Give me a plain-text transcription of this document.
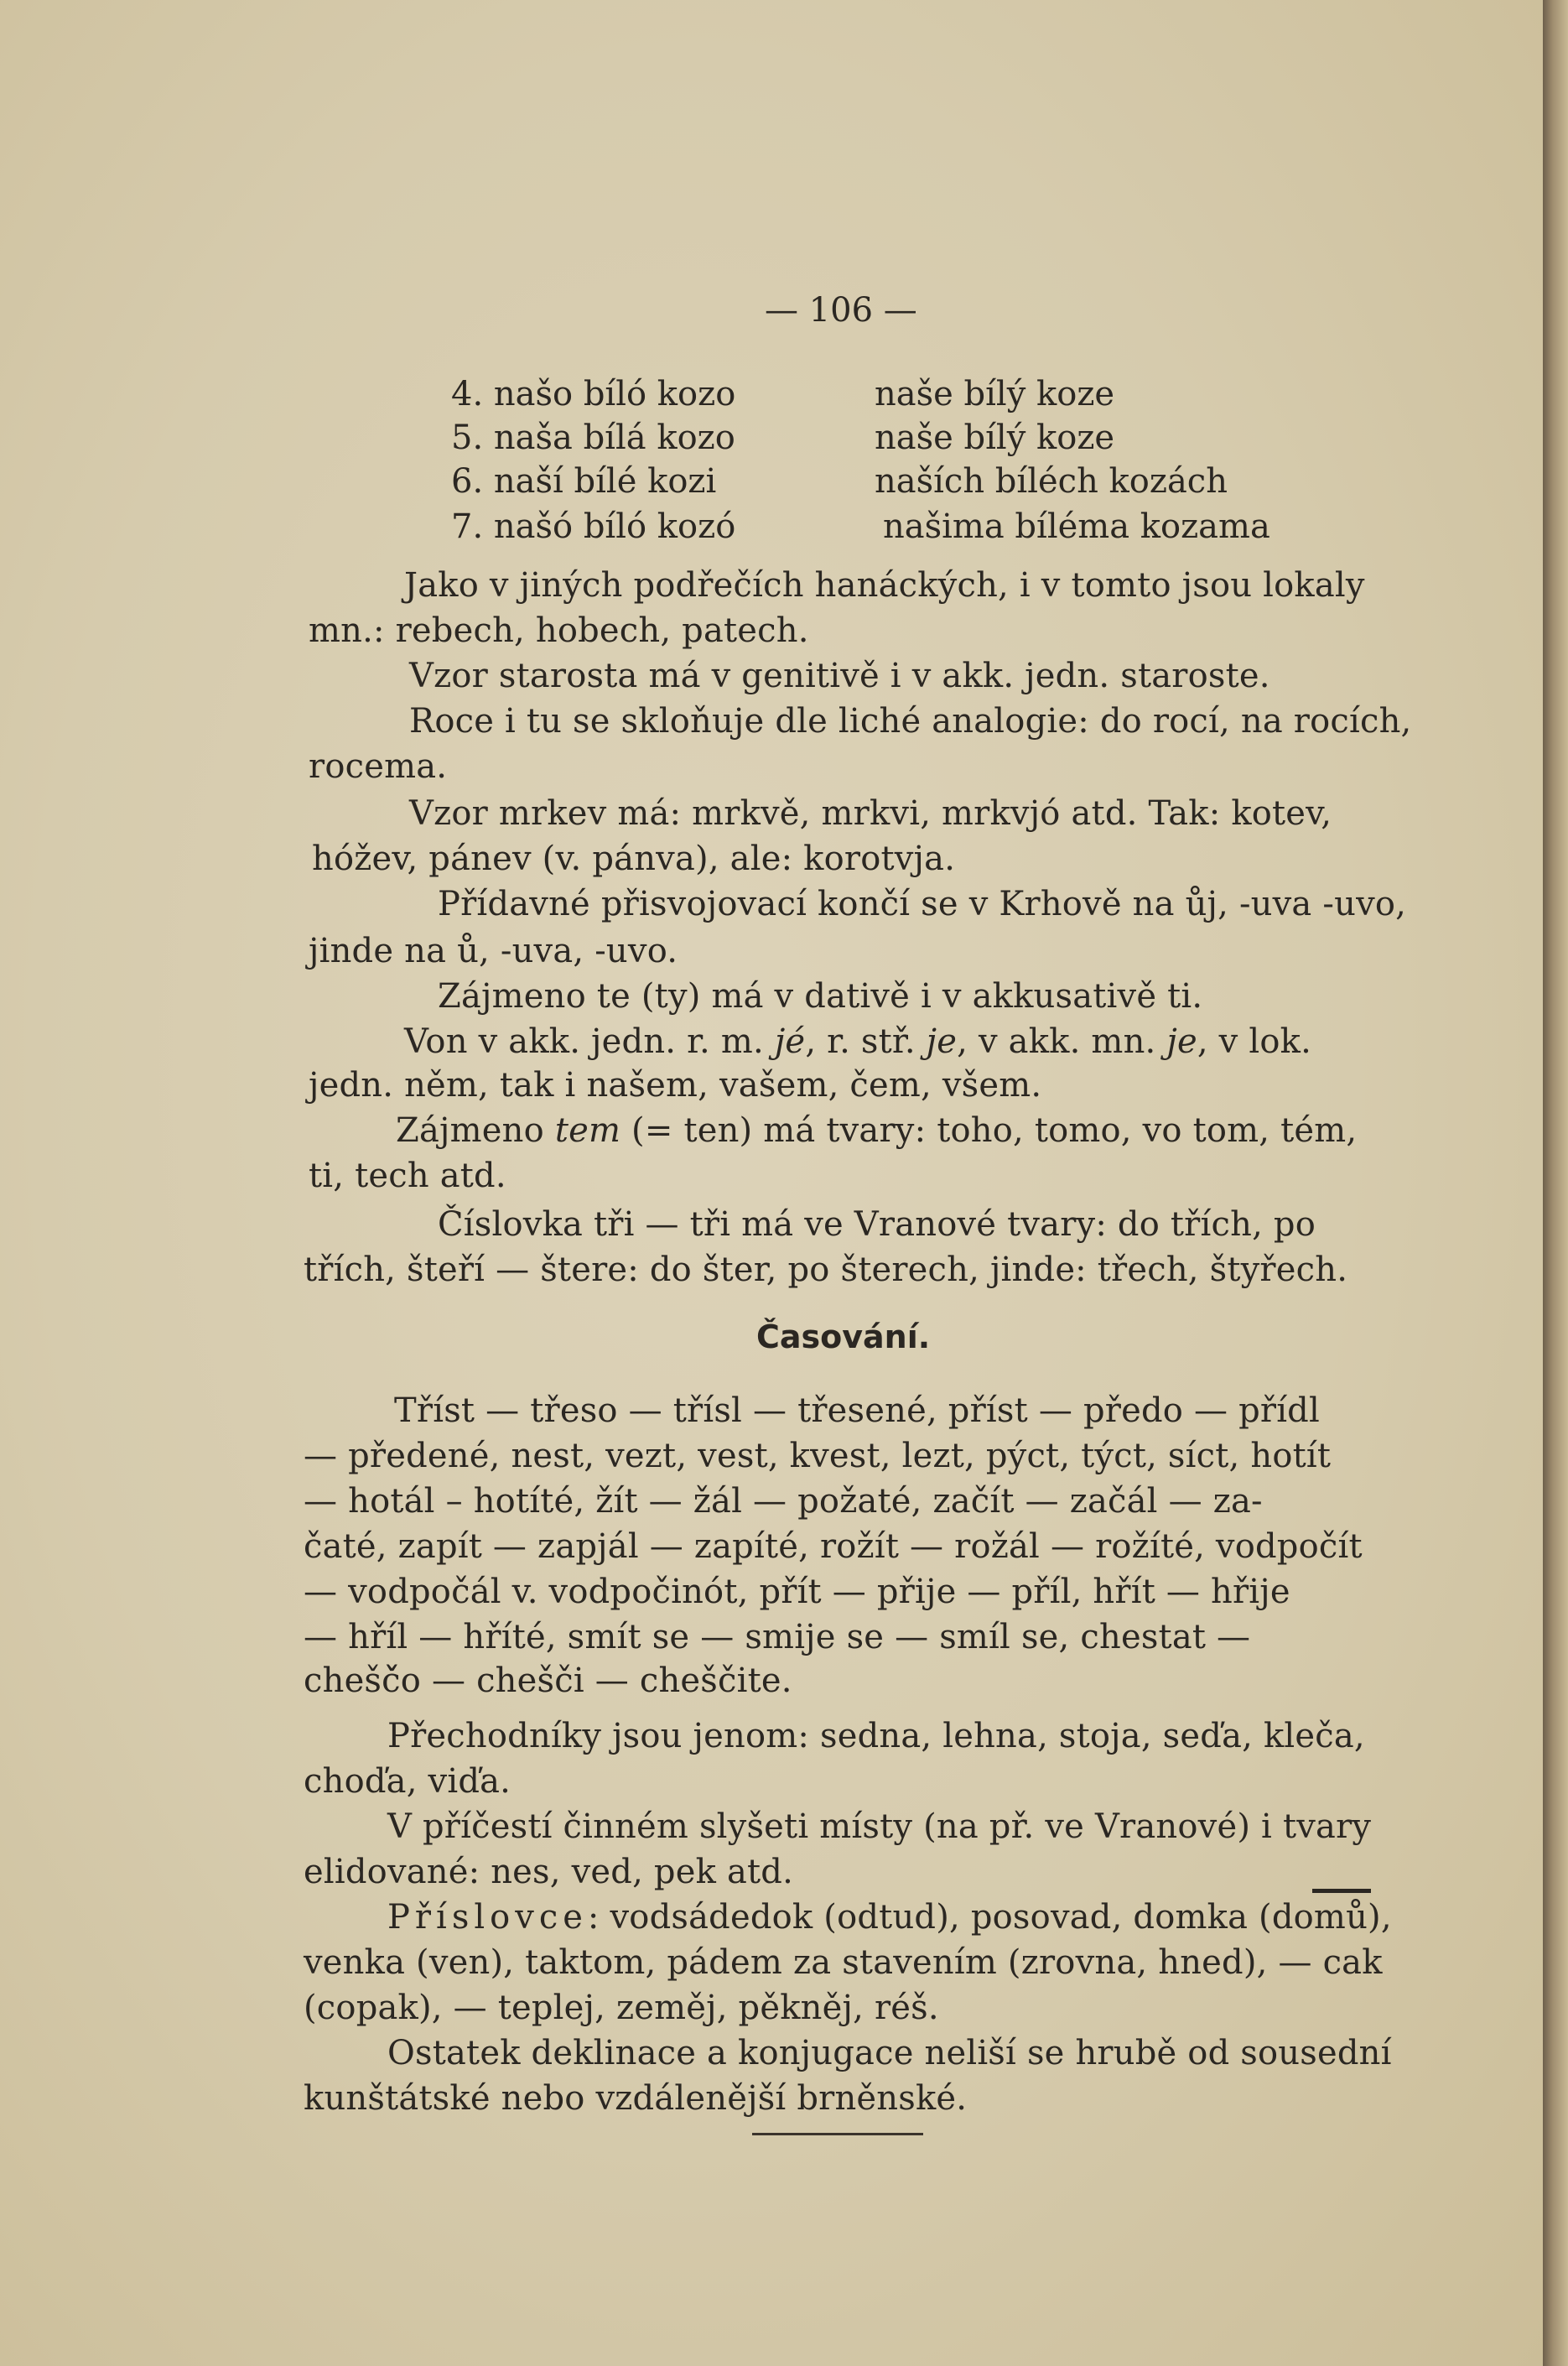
— 106 —
4. našo bíló kozo	naše bílý koze
5. naša bílá kozo	naše bílý koze
6. naší bílé kozi	naších bíléch kozách
7. našó bíló kozó	našima bíléma kozama
Jako v jiných podřečích hanáckých, i v tomto jsou lokaly
mn.: rebech, hobech, patech.
Vzor starosta má v genitivě i v akk. jedn. staroste.
Roce i tu se skloňuje dle liché analogie: do rocí, na rocích,
rocema.
Vzor mrkev má: mrkvě, mrkvi, mrkvjó atd. Tak: kotev,
hóžev, pánev (v. pánva), ale: korotvja.
Přídavné přisvojovací končí se v Krhově na ůj, -uva -uvo,
jinde na ů, -uva, -uvo.
Zájmeno te (ty) má v dativě i v akkusativě ti.
Von v akk. jedn. r. m. jé, r. stř. je, v akk. mn. je, v lok.
jedn. něm, tak i našem, vašem, čem, všem.
Zájmeno tem (= ten) má tvary: toho, tomo, vo tom, tém,
ti, tech atd.
Číslovka tři — tři má ve Vranové tvary: do třích, po
třích, šteří — štere: do šter, po šterech, jinde: třech, štyřech.
Časování.
Tříst — třeso — třísl — třesené, příst — předo — přídl
— předené, nest, vezt, vest, kvest, lezt, pýct, týct, síct, hotít
— hotál – hotíté, žít — žál — požaté, začít — začál — za-
čaté, zapít — zapjál — zapíté, rožít — rožál — rožíté, vodpočít
— vodpočál v. vodpočinót, přít — přije — příl, hřít — hřije
— hříl — hříté, smít se — smije se — smíl se, chestat —
chešč̌o — chešči — cheščite.
Přechodníky jsou jenom: sedna, lehna, stoja, seďa, kleča,
choďa, viďa.
V příčestí činném slyšeti místy (na př. ve Vranové) i tvary
elidované: nes, ved, pek atd.
Příslovce: vodsádedok (odtud), posovad, domka (domů),
venka (ven), taktom, pádem za stavením (zrovna, hned), — cak
(copak), — teplej, zeměj, pěkněj, réš.
Ostatek deklinace a konjugace neliší se hrubě od sousední
kunštátské nebo vzdálenější brněnské.
